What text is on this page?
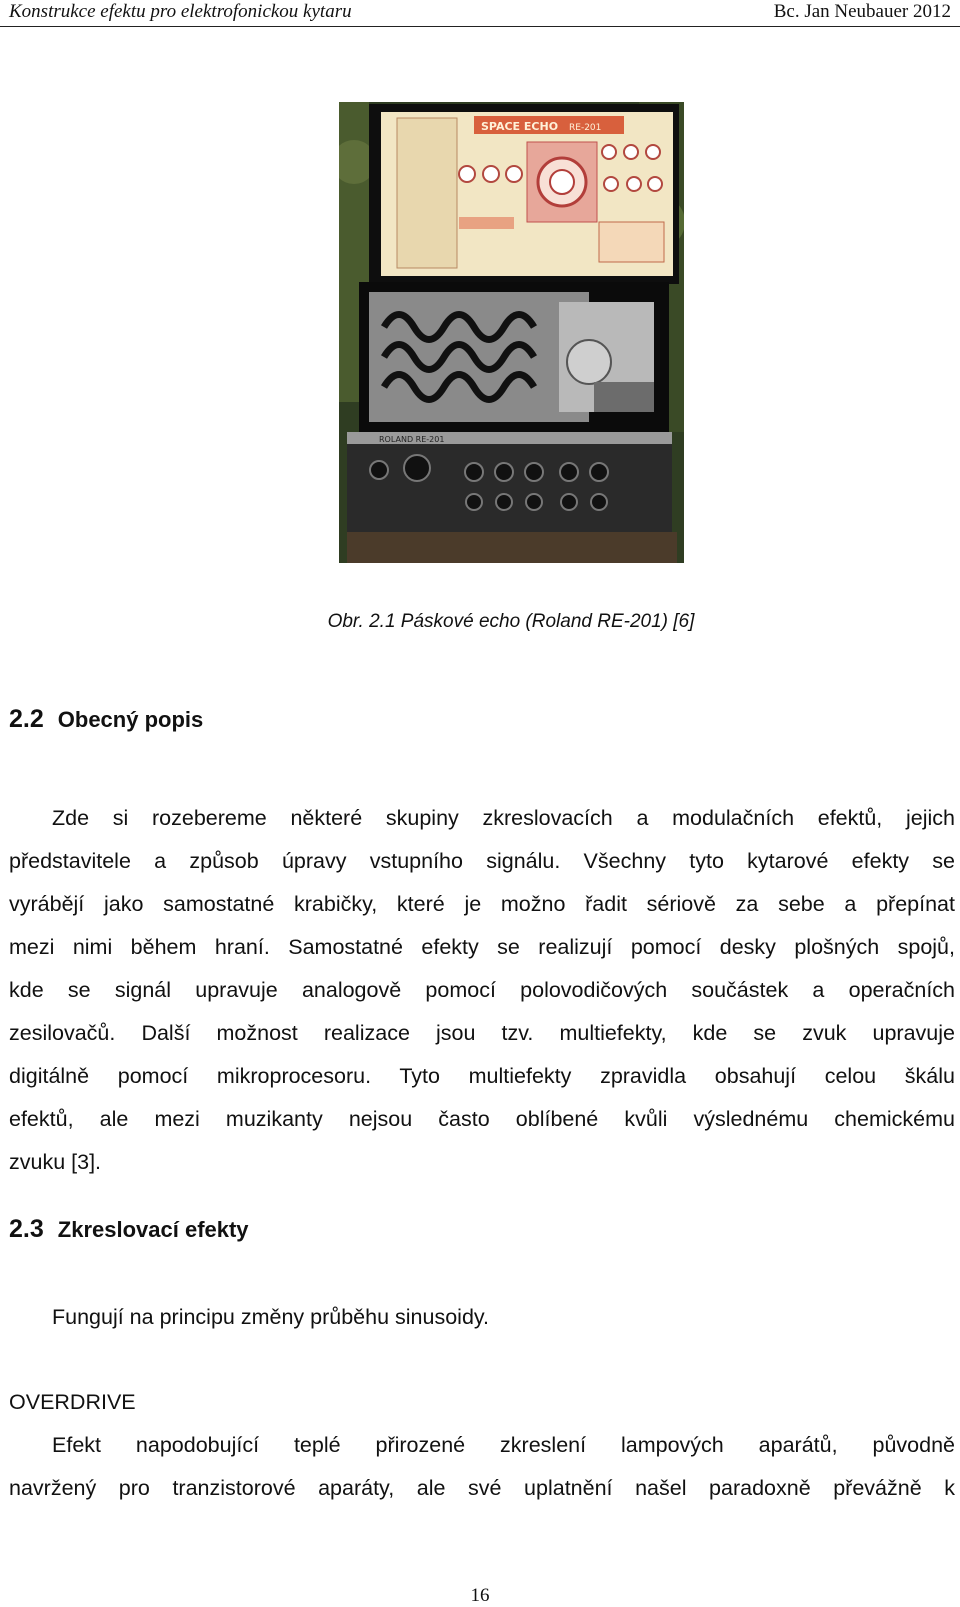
Konstrukce efektu pro elektrofonickou kytaru	Bc. Jan Neubauer 2012
SPACE ECHO RE-201
ROLAND RE-201
Obr. 2.1 Páskové echo (Roland RE-201) [6]
2.2 Obecný popis
Zde si rozebereme některé skupiny zkreslovacích a modulačních efektů, jejich
představitele a způsob úpravy vstupního signálu. Všechny tyto kytarové efekty se
vyrábějí jako samostatné krabičky, které je možno řadit sériově za sebe a přepínat
mezi nimi během hraní. Samostatné efekty se realizují pomocí desky plošných spojů,
kde se signál upravuje analogově pomocí polovodičových součástek a operačních
zesilovačů. Další možnost realizace jsou tzv. multiefekty, kde se zvuk upravuje
digitálně pomocí mikroprocesoru. Tyto multiefekty zpravidla obsahují celou škálu
efektů, ale mezi muzikanty nejsou často oblíbené kvůli výslednému chemickému
zvuku [3].
2.3 Zkreslovací efekty
Fungují na principu změny průběhu sinusoidy.
OVERDRIVE
Efekt napodobující teplé přirozené zkreslení lampových aparátů, původně
navržený pro tranzistorové aparáty, ale své uplatnění našel paradoxně převážně k
16
